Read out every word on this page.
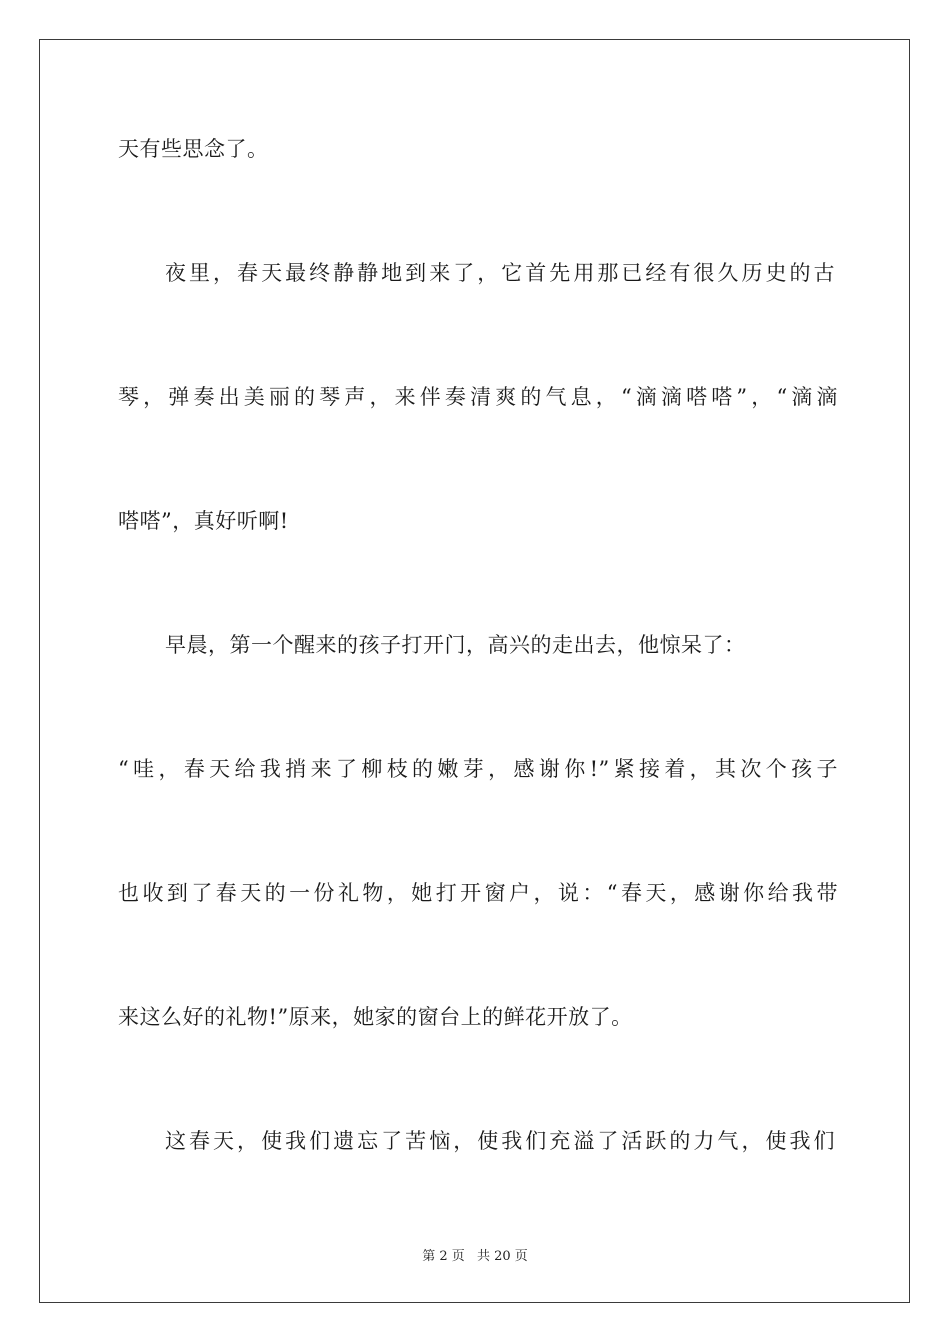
天有些思念了。
夜里，春天最终静静地到来了，它首先用那已经有很久历史的古
琴，弹奏出美丽的琴声，来伴奏清爽的气息，“滴滴嗒嗒”，“滴滴
嗒嗒”，真好听啊!
早晨，第一个醒来的孩子打开门，高兴的走出去，他惊呆了：
“哇，春天给我捎来了柳枝的嫩芽，感谢你!”紧接着，其次个孩子
也收到了春天的一份礼物，她打开窗户，说：“春天，感谢你给我带
来这么好的礼物!”原来，她家的窗台上的鲜花开放了。
这春天，使我们遗忘了苦恼，使我们充溢了活跃的力气，使我们
第 2 页 共 20 页
